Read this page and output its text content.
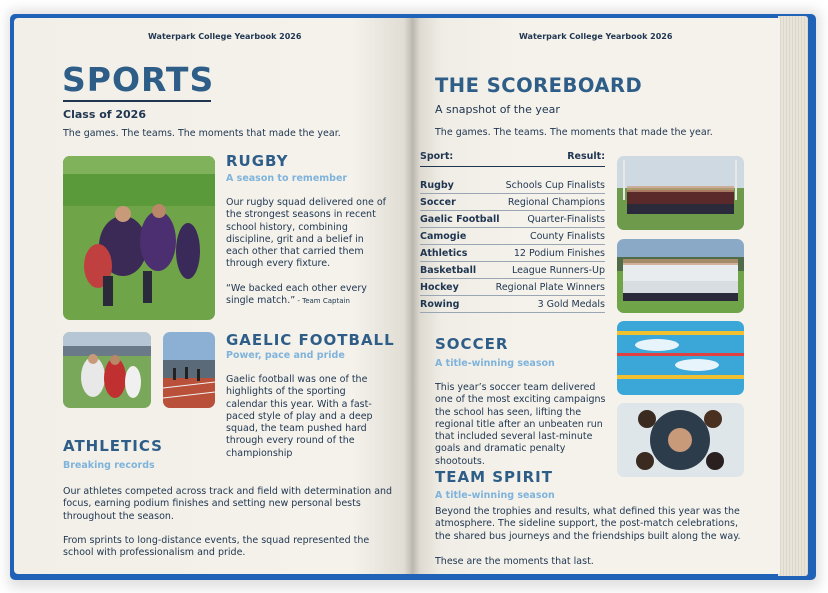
Waterpark College Yearbook 2026
SPORTS
Class of 2026
The games. The teams. The moments that made the year.
RUGBY
A season to remember
Our rugby squad delivered one of the strongest seasons in recent school history, combining discipline, grit and a belief in each other that carried them through every fixture.
“We backed each other every single match.” - Team Captain
GAELIC FOOTBALL
Power, pace and pride
Gaelic football was one of the highlights of the sporting calendar this year. With a fast-paced style of play and a deep squad, the team pushed hard through every round of the championship
ATHLETICS
Breaking records
Our athletes competed across track and field with determination and focus, earning podium finishes and setting new personal bests throughout the season.
From sprints to long-distance events, the squad represented the school with professionalism and pride.
Waterpark College Yearbook 2026
THE SCOREBOARD
A snapshot of the year
The games. The teams. The moments that made the year.
Sport:	Result:
Rugby	Schools Cup Finalists
Soccer	Regional Champions
Gaelic Football	Quarter-Finalists
Camogie	County Finalists
Athletics	12 Podium Finishes
Basketball	League Runners-Up
Hockey	Regional Plate Winners
Rowing	3 Gold Medals
SOCCER
A title-winning season
This year’s soccer team delivered one of the most exciting campaigns the school has seen, lifting the regional title after an unbeaten run that included several last-minute goals and dramatic penalty shootouts.
TEAM SPIRIT
A title-winning season
Beyond the trophies and results, what defined this year was the atmosphere. The sideline support, the post-match celebrations, the shared bus journeys and the friendships built along the way.
These are the moments that last.
